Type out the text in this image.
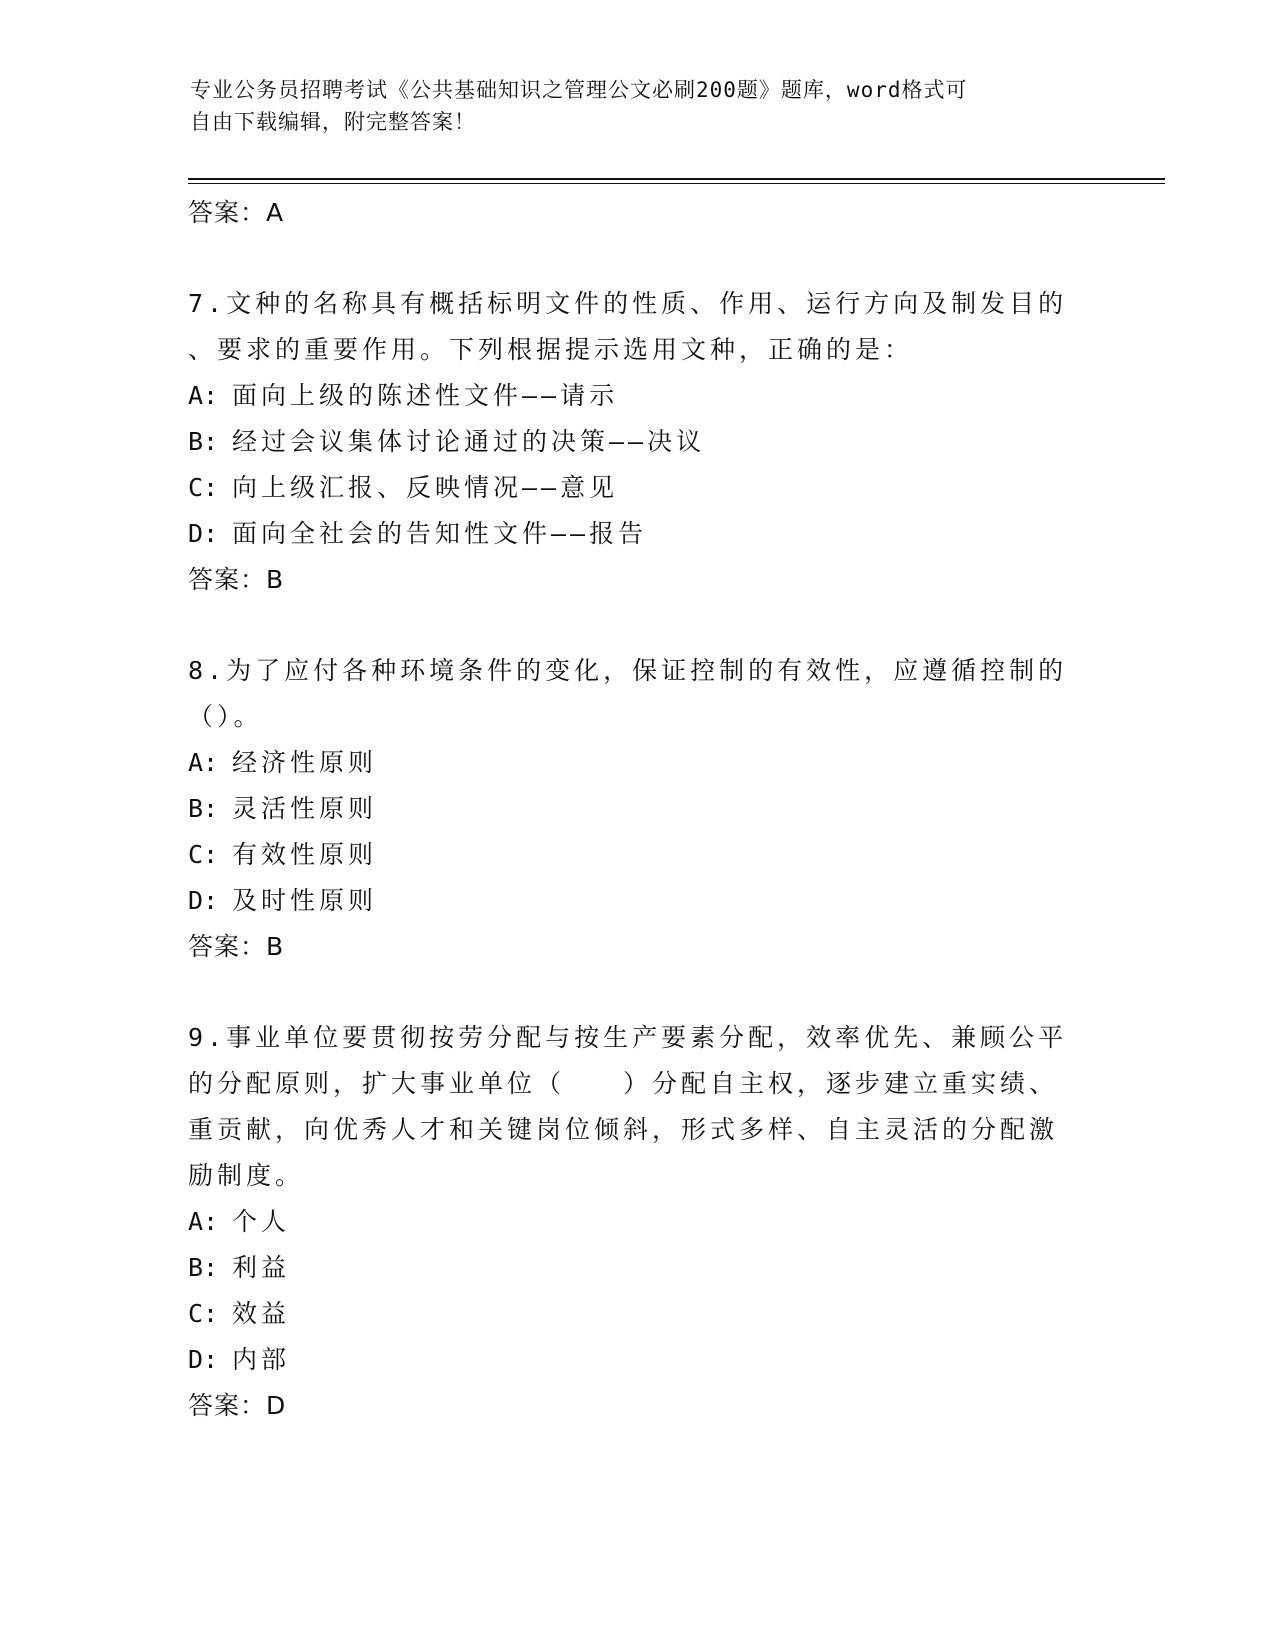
专业公务员招聘考试《公共基础知识之管理公文必刷200题》题库，word格式可
自由下载编辑，附完整答案！
答案：A
7.文种的名称具有概括标明文件的性质、作用、运行方向及制发目的
、要求的重要作用。下列根据提示选用文种，正确的是：
A: 面向上级的陈述性文件——请示
B: 经过会议集体讨论通过的决策——决议
C: 向上级汇报、反映情况——意见
D: 面向全社会的告知性文件——报告
答案：B
8.为了应付各种环境条件的变化，保证控制的有效性，应遵循控制的
（）。
A: 经济性原则
B: 灵活性原则
C: 有效性原则
D: 及时性原则
答案：B
9.事业单位要贯彻按劳分配与按生产要素分配，效率优先、兼顾公平
的分配原则，扩大事业单位（　　）分配自主权，逐步建立重实绩、
重贡献，向优秀人才和关键岗位倾斜，形式多样、自主灵活的分配激
励制度。
A: 个人
B: 利益
C: 效益
D: 内部
答案：D
